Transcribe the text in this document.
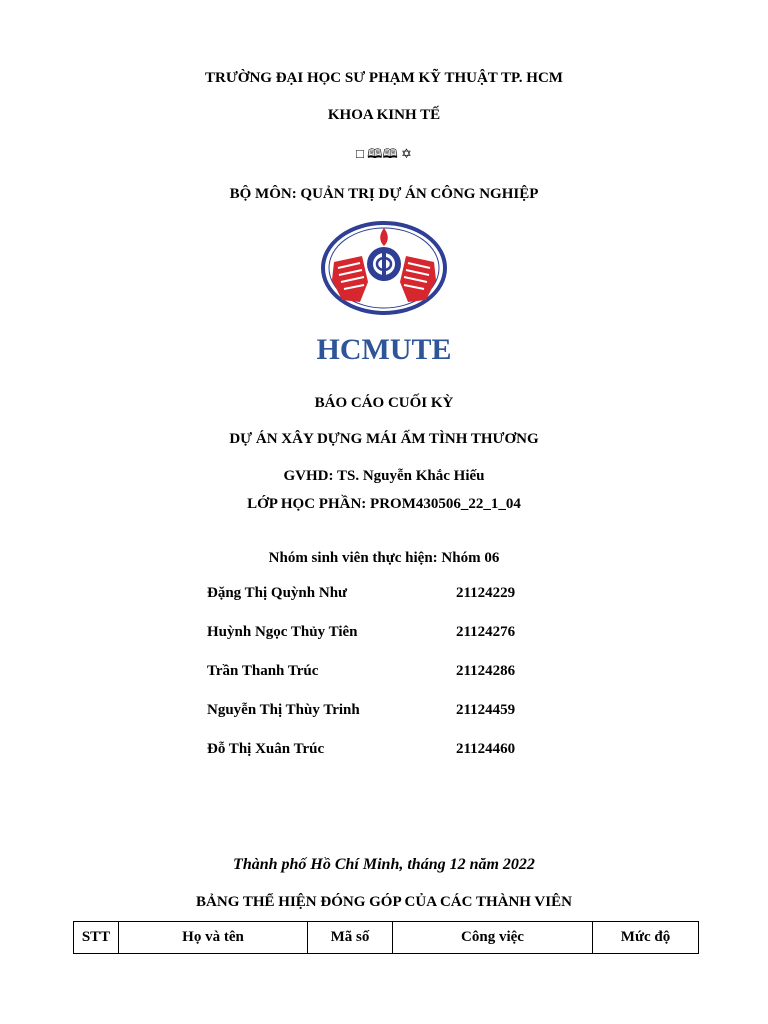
TRƯỜNG ĐẠI HỌC SƯ PHẠM KỸ THUẬT TP. HCM
KHOA KINH TẾ
□ 🕮🕮 ✡
BỘ MÔN: QUẢN TRỊ DỰ ÁN CÔNG NGHIỆP
HCMUTE
BÁO CÁO CUỐI KỲ
DỰ ÁN XÂY DỰNG MÁI ẤM TÌNH THƯƠNG
GVHD: TS. Nguyễn Khắc Hiếu
LỚP HỌC PHẦN: PROM430506_22_1_04
Nhóm sinh viên thực hiện: Nhóm 06
Đặng Thị Quỳnh Như	21124229
Huỳnh Ngọc Thủy Tiên	21124276
Trần Thanh Trúc	21124286
Nguyễn Thị Thùy Trinh	21124459
Đỗ Thị Xuân Trúc	21124460
Thành phố Hồ Chí Minh, tháng 12 năm 2022
BẢNG THỂ HIỆN ĐÓNG GÓP CỦA CÁC THÀNH VIÊN
STT	Họ và tên	Mã số	Công việc	Mức độ
